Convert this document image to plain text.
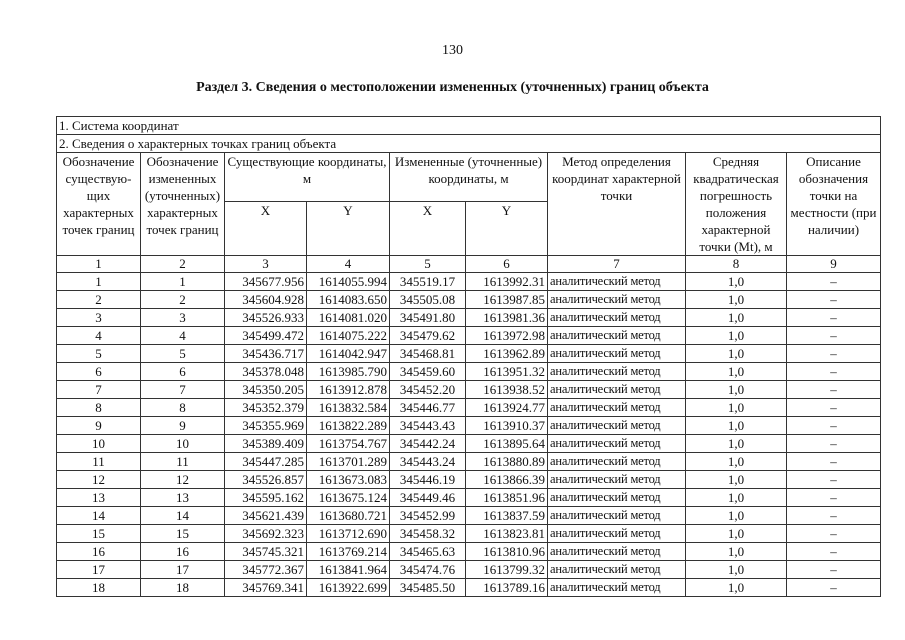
130
Раздел 3. Сведения о местоположении измененных (уточненных) границ объекта
1. Система координат								
2. Сведения о характерных точках границ объекта								
Обозначение существую-щих характерных точек границ	Обозначение измененных (уточненных) характерных точек границ	Существующие координаты, м		Измененные (уточненные) координаты, м		Метод определения координат характерной точки	Средняя квадратическая погрешность положения характерной точки (Mt), м	Описание обозначения точки на местности (при наличии)
		X	Y	X	Y			
1	2	3	4	5	6	7	8	9
1	1	345677.956	1614055.994	345519.17	1613992.31	аналитический метод	1,0	–
2	2	345604.928	1614083.650	345505.08	1613987.85	аналитический метод	1,0	–
3	3	345526.933	1614081.020	345491.80	1613981.36	аналитический метод	1,0	–
4	4	345499.472	1614075.222	345479.62	1613972.98	аналитический метод	1,0	–
5	5	345436.717	1614042.947	345468.81	1613962.89	аналитический метод	1,0	–
6	6	345378.048	1613985.790	345459.60	1613951.32	аналитический метод	1,0	–
7	7	345350.205	1613912.878	345452.20	1613938.52	аналитический метод	1,0	–
8	8	345352.379	1613832.584	345446.77	1613924.77	аналитический метод	1,0	–
9	9	345355.969	1613822.289	345443.43	1613910.37	аналитический метод	1,0	–
10	10	345389.409	1613754.767	345442.24	1613895.64	аналитический метод	1,0	–
11	11	345447.285	1613701.289	345443.24	1613880.89	аналитический метод	1,0	–
12	12	345526.857	1613673.083	345446.19	1613866.39	аналитический метод	1,0	–
13	13	345595.162	1613675.124	345449.46	1613851.96	аналитический метод	1,0	–
14	14	345621.439	1613680.721	345452.99	1613837.59	аналитический метод	1,0	–
15	15	345692.323	1613712.690	345458.32	1613823.81	аналитический метод	1,0	–
16	16	345745.321	1613769.214	345465.63	1613810.96	аналитический метод	1,0	–
17	17	345772.367	1613841.964	345474.76	1613799.32	аналитический метод	1,0	–
18	18	345769.341	1613922.699	345485.50	1613789.16	аналитический метод	1,0	–
